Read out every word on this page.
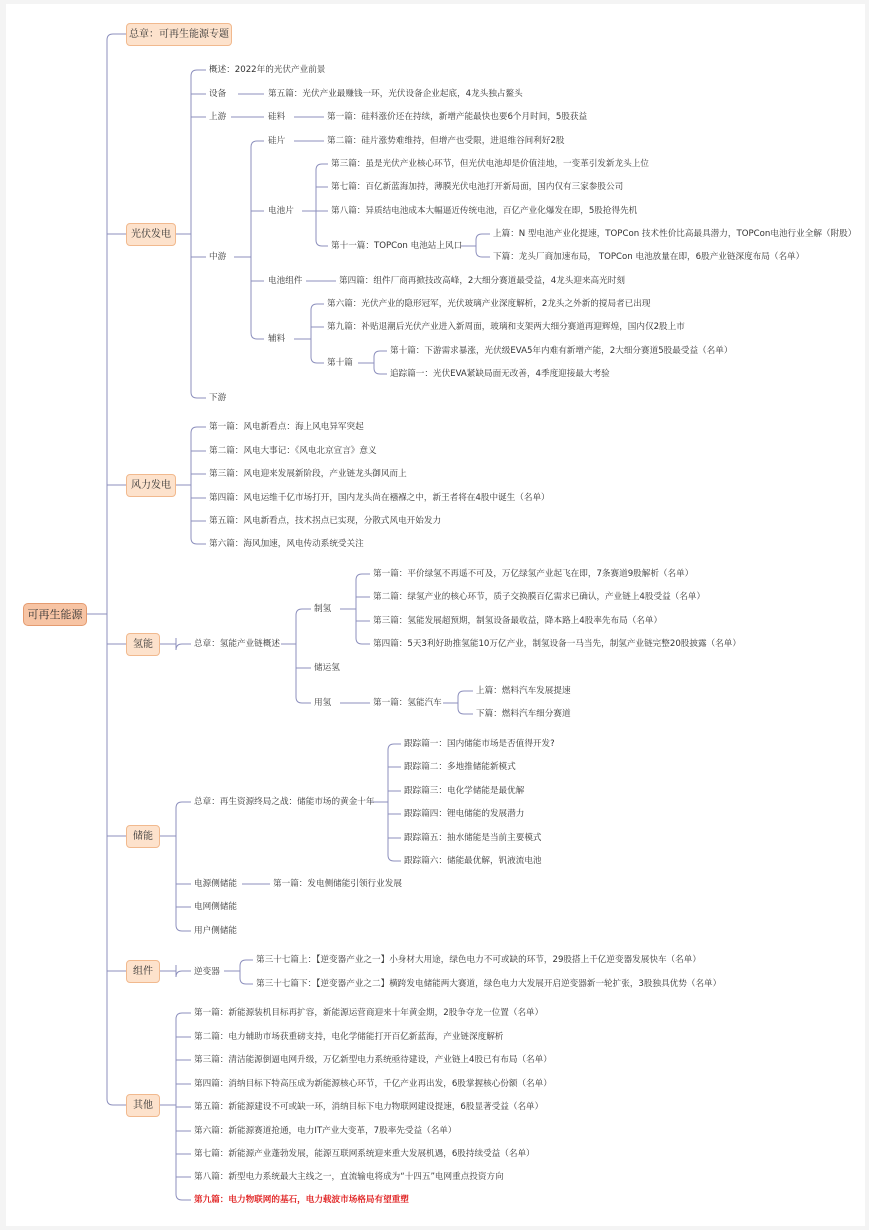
可再生能源
总章：可再生能源专题
光伏发电
风力发电
氢能
储能
组件
其他
概述：2022年的光伏产业前景
设备	第五篇：光伏产业最赚钱一环，光伏设备企业起底，4龙头独占鳌头
上游	硅料	第一篇：硅料涨价还在持续，新增产能最快也要6个月时间，5股获益
中游
硅片	第二篇：硅片涨势难维持，但增产也受限，进退维谷间利好2股
电池片
第三篇：虽是光伏产业核心环节，但光伏电池却是价值洼地，一变革引发新龙头上位
第七篇：百亿新蓝海加持，薄膜光伏电池打开新局面，国内仅有三家参股公司
第八篇：异质结电池成本大幅逼近传统电池，百亿产业化爆发在即，5股抢得先机
第十一篇：TOPCon 电池站上风口
上篇：N 型电池产业化提速，TOPCon 技术性价比高最具潜力，TOPCon电池行业全解（附股）
下篇：龙头厂商加速布局， TOPCon 电池放量在即，6股产业链深度布局（名单）
电池组件	第四篇：组件厂商再掀技改高峰，2大细分赛道最受益，4龙头迎来高光时刻
辅料
第六篇：光伏产业的隐形冠军，光伏玻璃产业深度解析，2龙头之外新的搅局者已出现
第九篇：补贴退潮后光伏产业进入新周面，玻璃和支架两大细分赛道再迎辉煌，国内仅2股上市
第十篇
第十篇：下游需求暴涨，光伏级EVA5年内难有新增产能，2大细分赛道5股最受益（名单）
追踪篇一：光伏EVA紧缺局面无改善，4季度迎接最大考验
下游
第一篇：风电新看点：海上风电异军突起
第二篇：风电大事记：《风电北京宣言》意义
第三篇：风电迎来发展新阶段，产业链龙头御风而上
第四篇：风电运维千亿市场打开，国内龙头尚在襁褓之中，新王者将在4股中诞生（名单）
第五篇：风电新看点，技术拐点已实现，分散式风电开始发力
第六篇：海风加速，风电传动系统受关注
总章：氢能产业链概述
制氢
第一篇：平价绿氢不再遥不可及，万亿绿氢产业起飞在即，7条赛道9股解析（名单）
第二篇：绿氢产业的核心环节，质子交换膜百亿需求已确认，产业链上4股受益（名单）
第三篇：氢能发展超预期，制氢设备最收益，降本路上4股率先布局（名单）
第四篇：5天3利好助推氢能10万亿产业，制氢设备一马当先，制氢产业链完整20股披露（名单）
储运氢
用氢	第一篇：氢能汽车
上篇：燃料汽车发展提速
下篇：燃料汽车细分赛道
总章：再生资源终局之战：储能市场的黄金十年
跟踪篇一：国内储能市场是否值得开发?
跟踪篇二：多地推储能新模式
跟踪篇三：电化学储能是最优解
跟踪篇四：锂电储能的发展潜力
跟踪篇五：抽水储能是当前主要模式
跟踪篇六：储能最优解，钒液流电池
电源侧储能	第一篇：发电侧储能引领行业发展
电网侧储能
用户侧储能
逆变器
第三十七篇上：【逆变器产业之一】小身材大用途，绿色电力不可或缺的环节，29股搭上千亿逆变器发展快车（名单）
第三十七篇下：【逆变器产业之二】横跨发电储能两大赛道，绿色电力大发展开启逆变器新一轮扩张，3股独具优势（名单）
第一篇：新能源装机目标再扩容，新能源运营商迎来十年黄金期，2股争夺龙一位置（名单）
第二篇：电力辅助市场获重磅支持，电化学储能打开百亿新蓝海，产业链深度解析
第三篇：清洁能源倒逼电网升级，万亿新型电力系统亟待建设，产业链上4股已有布局（名单）
第四篇：消纳目标下特高压成为新能源核心环节，千亿产业再出发，6股掌握核心份额（名单）
第五篇：新能源建设不可或缺一环，消纳目标下电力物联网建设提速，6股显著受益（名单）
第六篇：新能源赛道抢通，电力IT产业大变革，7股率先受益（名单）
第七篇：新能源产业蓬勃发展，能源互联网系统迎来重大发展机遇，6股持续受益（名单）
第八篇：新型电力系统最大主线之一，直流输电将成为“十四五”电网重点投资方向
第九篇：电力物联网的基石，电力载波市场格局有望重塑
